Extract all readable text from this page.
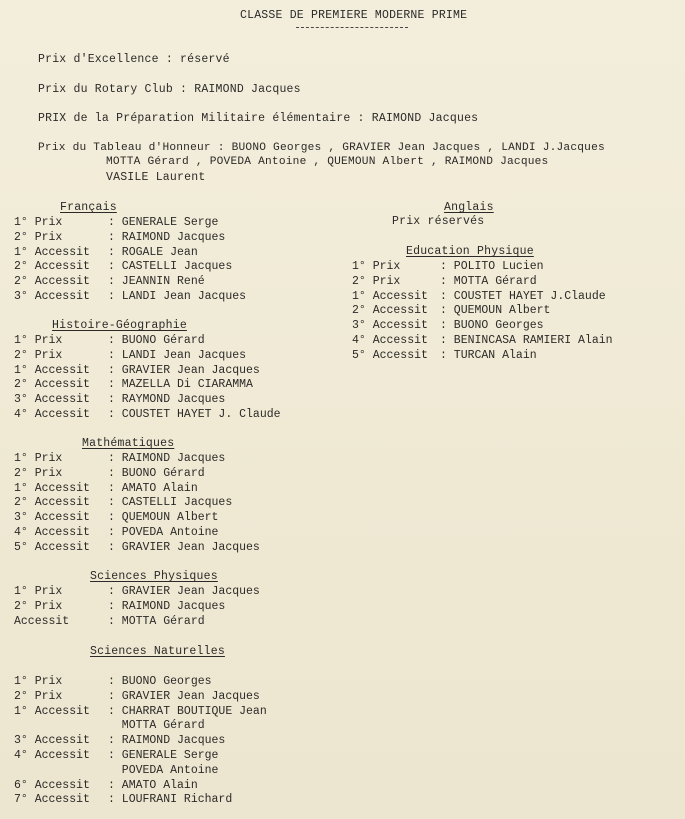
CLASSE DE PREMIERE MODERNE PRIME
Prix d'Excellence : réservé
Prix du Rotary Club : RAIMOND Jacques
PRIX de la Préparation Militaire élémentaire : RAIMOND Jacques
Prix du Tableau d'Honneur : BUONO Georges , GRAVIER Jean Jacques , LANDI J.Jacques
MOTTA Gérard , POVEDA Antoine , QUEMOUN Albert , RAIMOND Jacques
VASILE Laurent
Français
1° Prix	: GENERALE Serge
2° Prix	: RAIMOND Jacques
1° Accessit : ROGALE Jean
2° Accessit : CASTELLI Jacques
2° Accessit : JEANNIN René
3° Accessit : LANDI Jean Jacques
Histoire-Géographie
1° Prix	: BUONO Gérard
2° Prix	: LANDI Jean Jacques
1° Accessit : GRAVIER Jean Jacques
2° Accessit : MAZELLA Di CIARAMMA
3° Accessit : RAYMOND Jacques
4° Accessit : COUSTET HAYET J. Claude
Mathématiques
1° Prix	: RAIMOND Jacques
2° Prix	: BUONO Gérard
1° Accessit : AMATO Alain
2° Accessit : CASTELLI Jacques
3° Accessit : QUEMOUN Albert
4° Accessit : POVEDA Antoine
5° Accessit : GRAVIER Jean Jacques
Sciences Physiques
1° Prix	: GRAVIER Jean Jacques
2° Prix	: RAIMOND Jacques
Accessit	: MOTTA Gérard
Sciences Naturelles
1° Prix	: BUONO Georges
2° Prix	: GRAVIER Jean Jacques
1° Accessit : CHARRAT BOUTIQUE Jean
MOTTA Gérard
3° Accessit : RAIMOND Jacques
4° Accessit : GENERALE Serge
POVEDA Antoine
6° Accessit : AMATO Alain
7° Accessit : LOUFRANI Richard
Anglais
Prix réservés
Education Physique
1° Prix	: POLITO Lucien
2° Prix	: MOTTA Gérard
1° Accessit : COUSTET HAYET J.Claude
2° Accessit : QUEMOUN Albert
3° Accessit : BUONO Georges
4° Accessit : BENINCASA RAMIERI Alain
5° Accessit : TURCAN Alain
